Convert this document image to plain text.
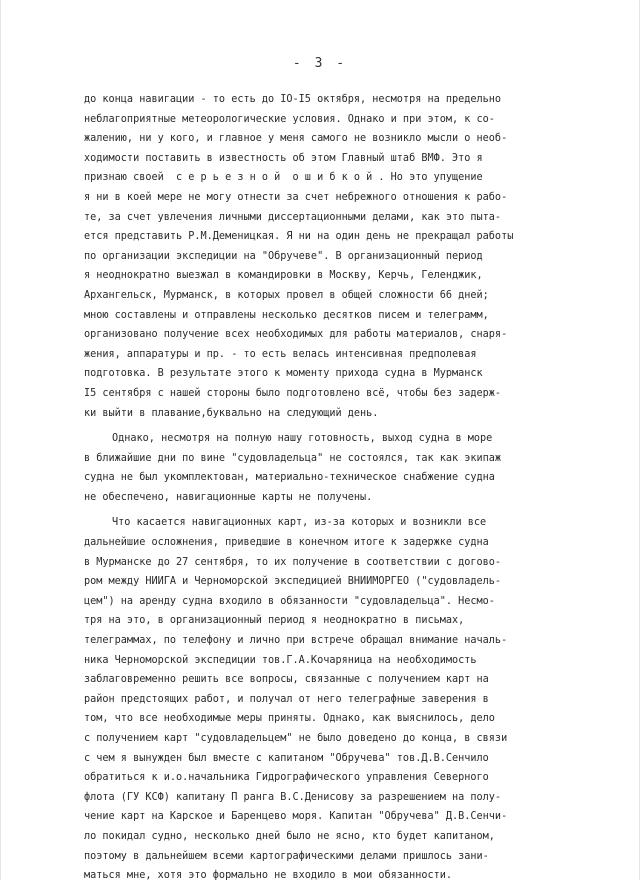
- 3 -
до конца навигации - то есть до IO-I5 октября, несмотря на предельно
неблагоприятные метеорологические условия. Однако и при этом, к со-
жалению, ни у кого, и главное у меня самого не возникло мысли о необ-
ходимости поставить в известность об этом Главный штаб ВМФ. Это я
признаю своей  с е р ь е з н о й  о ш и б к о й . Но это упущение
я ни в коей мере не могу отнести за счет небрежного отношения к рабо-
те, за счет увлечения личными диссертационными делами, как это пыта-
ется представить Р.М.Деменицкая. Я ни на один день не прекращал работы
по организации экспедиции на "Обручеве". В организационный период
я неоднократно выезжал в командировки в Москву, Керчь, Геленджик,
Архангельск, Мурманск, в которых провел в общей сложности 66 дней;
мною составлены и отправлены несколько десятков писем и телеграмм,
организовано получение всех необходимых для работы материалов, снаря-
жения, аппаратуры и пр. - то есть велась интенсивная предполевая
подготовка. В результате этого к моменту прихода судна в Мурманск
I5 сентября с нашей стороны было подготовлено всё, чтобы без задерж-
ки выйти в плавание,буквально на следующий день.
Однако, несмотря на полную нашу готовность, выход судна в море
в ближайшие дни по вине "судовладельца" не состоялся, так как экипаж
судна не был укомплектован, материально-техническое снабжение судна
не обеспечено, навигационные карты не получены.
Что касается навигационных карт, из-за которых и возникли все
дальнейшие осложнения, приведшие в конечном итоге к задержке судна
в Мурманске до 27 сентября, то их получение в соответствии с догово-
ром между НИИГА и Черноморской экспедицией ВНИИМОРГЕО ("судовладель-
цем") на аренду судна входило в обязанности "судовладельца". Несмо-
тря на это, в организационный период я неоднократно в письмах,
телеграммах, по телефону и лично при встрече обращал внимание началь-
ника Черноморской экспедиции тов.Г.А.Кочаряница на необходимость
заблаговременно решить все вопросы, связанные с получением карт на
район предстоящих работ, и получал от него телеграфные заверения в
том, что все необходимые меры приняты. Однако, как выяснилось, дело
с получением карт "судовладельцем" не было доведено до конца, в связи
с чем я вынужден был вместе с капитаном "Обручева" тов.Д.В.Сенчило
обратиться к и.о.начальника Гидрографического управления Северного
флота (ГУ КСФ) капитану П ранга В.С.Денисову за разрешением на полу-
чение карт на Карское и Баренцево моря. Капитан "Обручева" Д.В.Сенчи-
ло покидал судно, несколько дней было не ясно, кто будет капитаном,
поэтому в дальнейшем всеми картографическими делами пришлось зани-
маться мне, хотя это формально не входило в мои обязанности.
